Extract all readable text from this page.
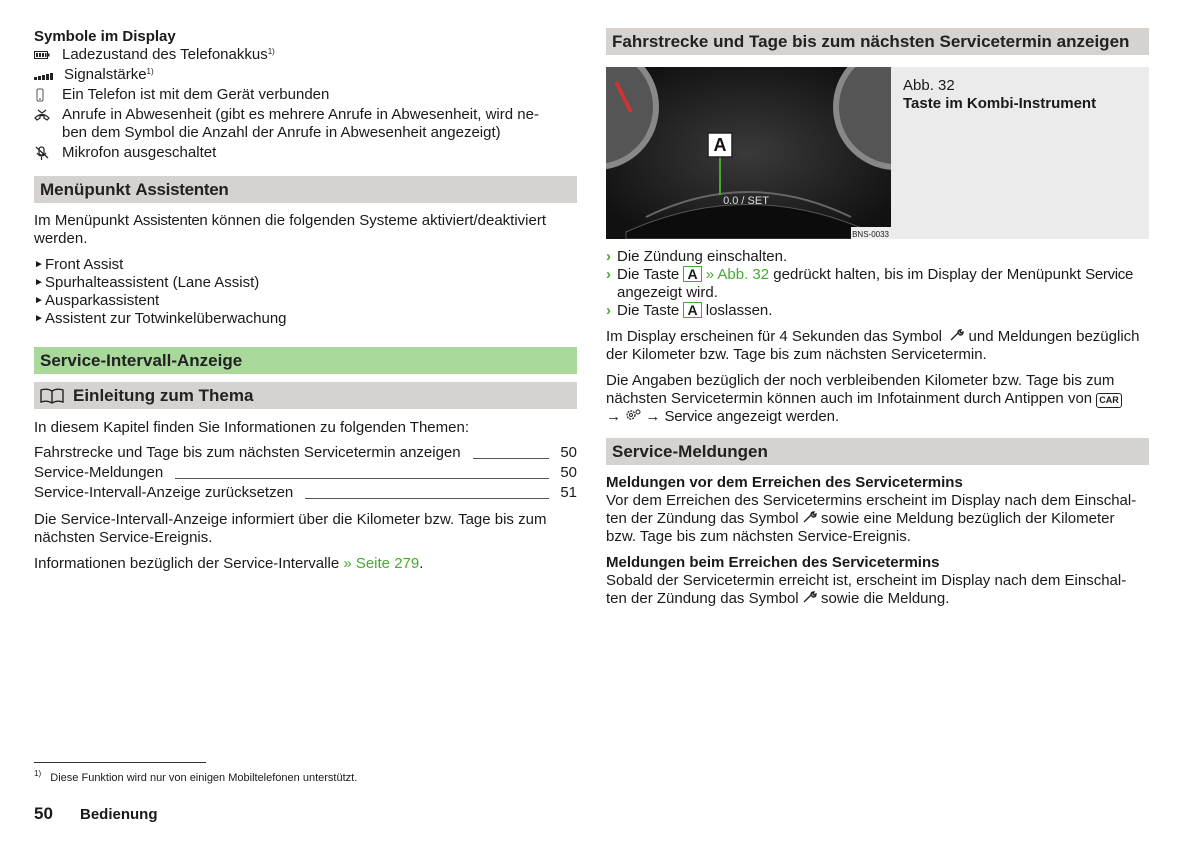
Symbole im Display

Ladezustand des Telefonakkus$^{1)}$
Signalstärke$^{1)}$
Ein Telefon ist mit dem Gerät verbunden
Anrufe in Abwesenheit (gibt es mehrere Anrufe in Abwesenheit, wird ne-
ben dem Symbol die Anzahl der Anrufe in Abwesenheit angezeigt)
Mikrofon ausgeschaltet
Menüpunkt Assistenten

Im Menüpunkt Assistenten können die folgenden Systeme aktiviert/deaktiviert
werden.

► Front Assist
► Spurhalteassistent (Lane Assist)
► Ausparkassistent
► Assistent zur Totwinkelüberwachung
Service-Intervall-Anzeige
Einleitung zum Thema

In diesem Kapitel finden Sie Informationen zu folgenden Themen:

Fahrstrecke und Tage bis zum nächsten Servicetermin anzeigen	50
Service-Meldungen	50
Service-Intervall-Anzeige zurücksetzen	51

Die Service-Intervall-Anzeige informiert über die Kilometer bzw. Tage bis zum
nächsten Service-Ereignis.

Informationen bezüglich der Service-Intervalle » Seite 279.

Fahrstrecke und Tage bis zum nächsten Servicetermin anzeigen
A
0.0 / SET
BNS-0033
Abb. 32
Taste im Kombi-Instrument
› Die Zündung einschalten.
› Die Taste A » Abb. 32 gedrückt halten, bis im Display der Menüpunkt Service
angezeigt wird.
› Die Taste A loslassen.

Im Display erscheinen für 4 Sekunden das Symbol   und Meldungen bezüglich
der Kilometer bzw. Tage bis zum nächsten Servicetermin.

Die Angaben bezüglich der noch verbleibenden Kilometer bzw. Tage bis zum
nächsten Servicetermin können auch im Infotainment durch Antippen von CAR
→  → Service angezeigt werden.

Service-Meldungen

Meldungen vor dem Erreichen des Servicetermins

Vor dem Erreichen des Servicetermins erscheint im Display nach dem Einschal-
ten der Zündung das Symbol  sowie eine Meldung bezüglich der Kilometer
bzw. Tage bis zum nächsten Service-Ereignis.

Meldungen beim Erreichen des Servicetermins

Sobald der Servicetermin erreicht ist, erscheint im Display nach dem Einschal-
ten der Zündung das Symbol  sowie die Meldung.

$^{1)}$ Diese Funktion wird nur von einigen Mobiltelefonen unterstützt.
50 Bedienung
